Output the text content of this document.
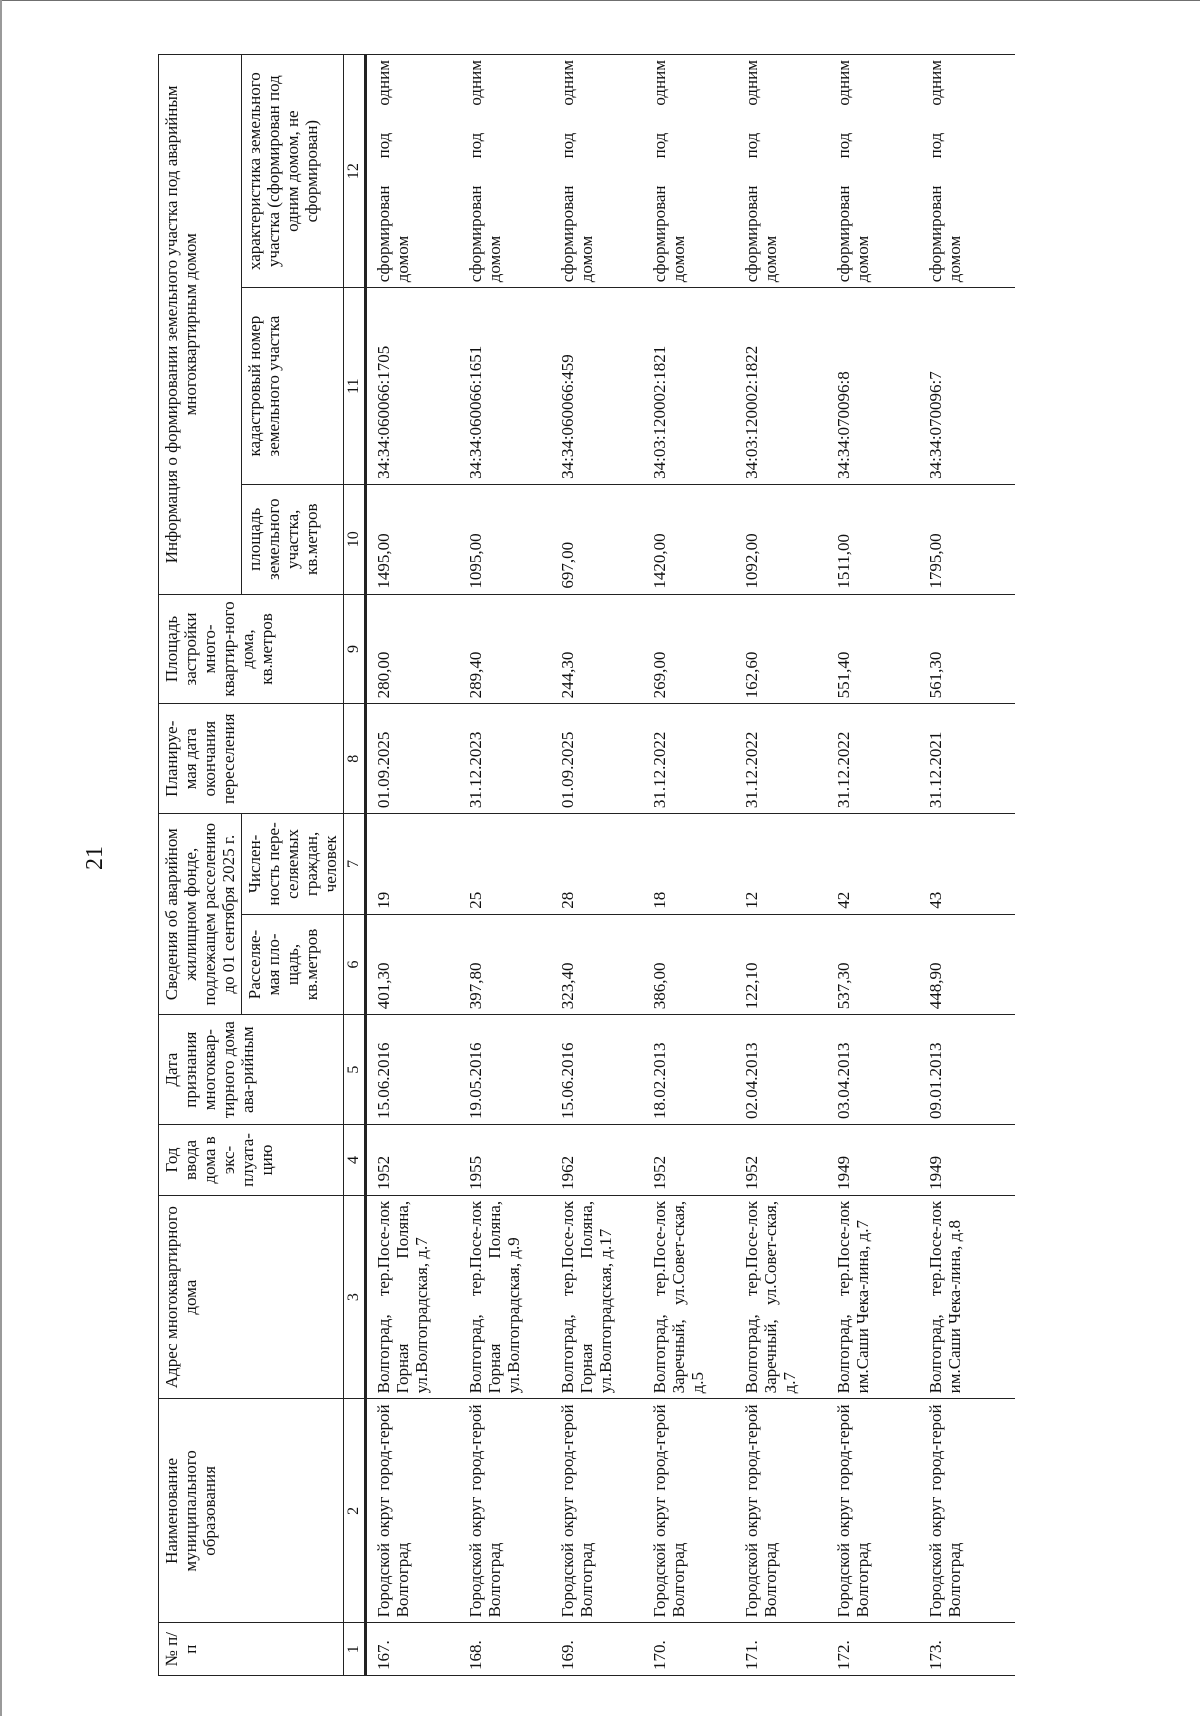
21
№ п/п	Наименование муниципального образования	Адрес многоквартирного дома	Год ввода дома в экс-плуата-цию	Дата признания многоквар-тирного дома ава-рийным	Сведения об аварийном жилищном фонде, подлежащем расселению до 01 сентября 2025 г.		Планируе-мая дата окончания переселения	Площадь застройки много-квартир-ного дома, кв.метров	Информация о формировании земельного участка под аварийным многоквартирным домом		
					Расселяе-мая пло-щадь, кв.метров	Числен-ность пере-селяемых граждан, человек			площадь земельного участка, кв.метров	кадастровый номер земельного участка	характеристика земельного участка (сформирован под одним домом, не сформирован)
1	2	3	4	5	6	7	8	9	10	11	12
167.	Городской округ город-герой Волгоград	Волгоград, тер.Посе-лок Горная Поляна, ул.Волгоградская, д.7	1952	15.06.2016	401,30	19	01.09.2025	280,00	1495,00	34:34:060066:1705	сформирован под одним домом
168.	Городской округ город-герой Волгоград	Волгоград, тер.Посе-лок Горная Поляна, ул.Волгоградская, д.9	1955	19.05.2016	397,80	25	31.12.2023	289,40	1095,00	34:34:060066:1651	сформирован под одним домом
169.	Городской округ город-герой Волгоград	Волгоград, тер.Посе-лок Горная Поляна, ул.Волгоградская, д.17	1962	15.06.2016	323,40	28	01.09.2025	244,30	697,00	34:34:060066:459	сформирован под одним домом
170.	Городской округ город-герой Волгоград	Волгоград, тер.Посе-лок Заречный, ул.Совет-ская, д.5	1952	18.02.2013	386,00	18	31.12.2022	269,00	1420,00	34:03:120002:1821	сформирован под одним домом
171.	Городской округ город-герой Волгоград	Волгоград, тер.Посе-лок Заречный, ул.Совет-ская, д.7	1952	02.04.2013	122,10	12	31.12.2022	162,60	1092,00	34:03:120002:1822	сформирован под одним домом
172.	Городской округ город-герой Волгоград	Волгоград, тер.Посе-лок им.Саши Чека-лина, д.7	1949	03.04.2013	537,30	42	31.12.2022	551,40	1511,00	34:34:070096:8	сформирован под одним домом
173.	Городской округ город-герой Волгоград	Волгоград, тер.Посе-лок им.Саши Чека-лина, д.8	1949	09.01.2013	448,90	43	31.12.2021	561,30	1795,00	34:34:070096:7	сформирован под одним домом
